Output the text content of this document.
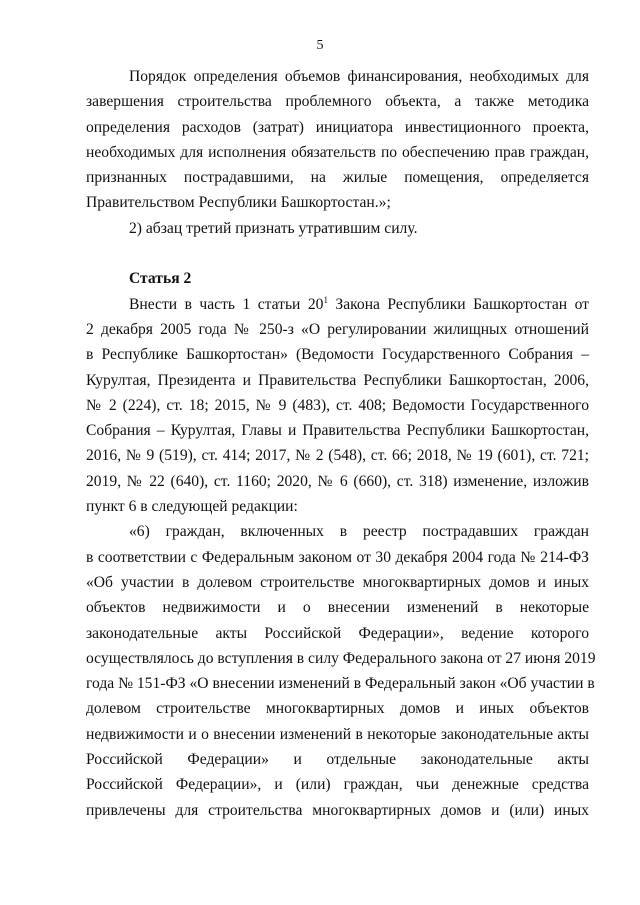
5
Порядок определения объемов финансирования, необходимых для
завершения строительства проблемного объекта, а также методика
определения расходов (затрат) инициатора инвестиционного проекта,
необходимых для исполнения обязательств по обеспечению прав граждан,
признанных пострадавшими, на жилые помещения, определяется
Правительством Республики Башкортостан.»;
2) абзац третий признать утратившим силу.
Статья 2
Внести в часть 1 статьи $20^1$ Закона Республики Башкортостан от
2 декабря 2005 года № 250-з «О регулировании жилищных отношений
в Республике Башкортостан» (Ведомости Государственного Собрания –
Курултая, Президента и Правительства Республики Башкортостан, 2006,
№ 2 (224), ст. 18; 2015, № 9 (483), ст. 408; Ведомости Государственного
Собрания – Курултая, Главы и Правительства Республики Башкортостан,
2016, № 9 (519), ст. 414; 2017, № 2 (548), ст. 66; 2018, № 19 (601), ст. 721;
2019, № 22 (640), ст. 1160; 2020, № 6 (660), ст. 318) изменение, изложив
пункт 6 в следующей редакции:
«6) граждан, включенных в реестр пострадавших граждан
в соответствии с Федеральным законом от 30 декабря 2004 года № 214-ФЗ
«Об участии в долевом строительстве многоквартирных домов и иных
объектов недвижимости и о внесении изменений в некоторые
законодательные акты Российской Федерации», ведение которого
осуществлялось до вступления в силу Федерального закона от 27 июня 2019
года № 151-ФЗ «О внесении изменений в Федеральный закон «Об участии в
долевом строительстве многоквартирных домов и иных объектов
недвижимости и о внесении изменений в некоторые законодательные акты
Российской Федерации» и отдельные законодательные акты
Российской Федерации», и (или) граждан, чьи денежные средства
привлечены для строительства многоквартирных домов и (или) иных
